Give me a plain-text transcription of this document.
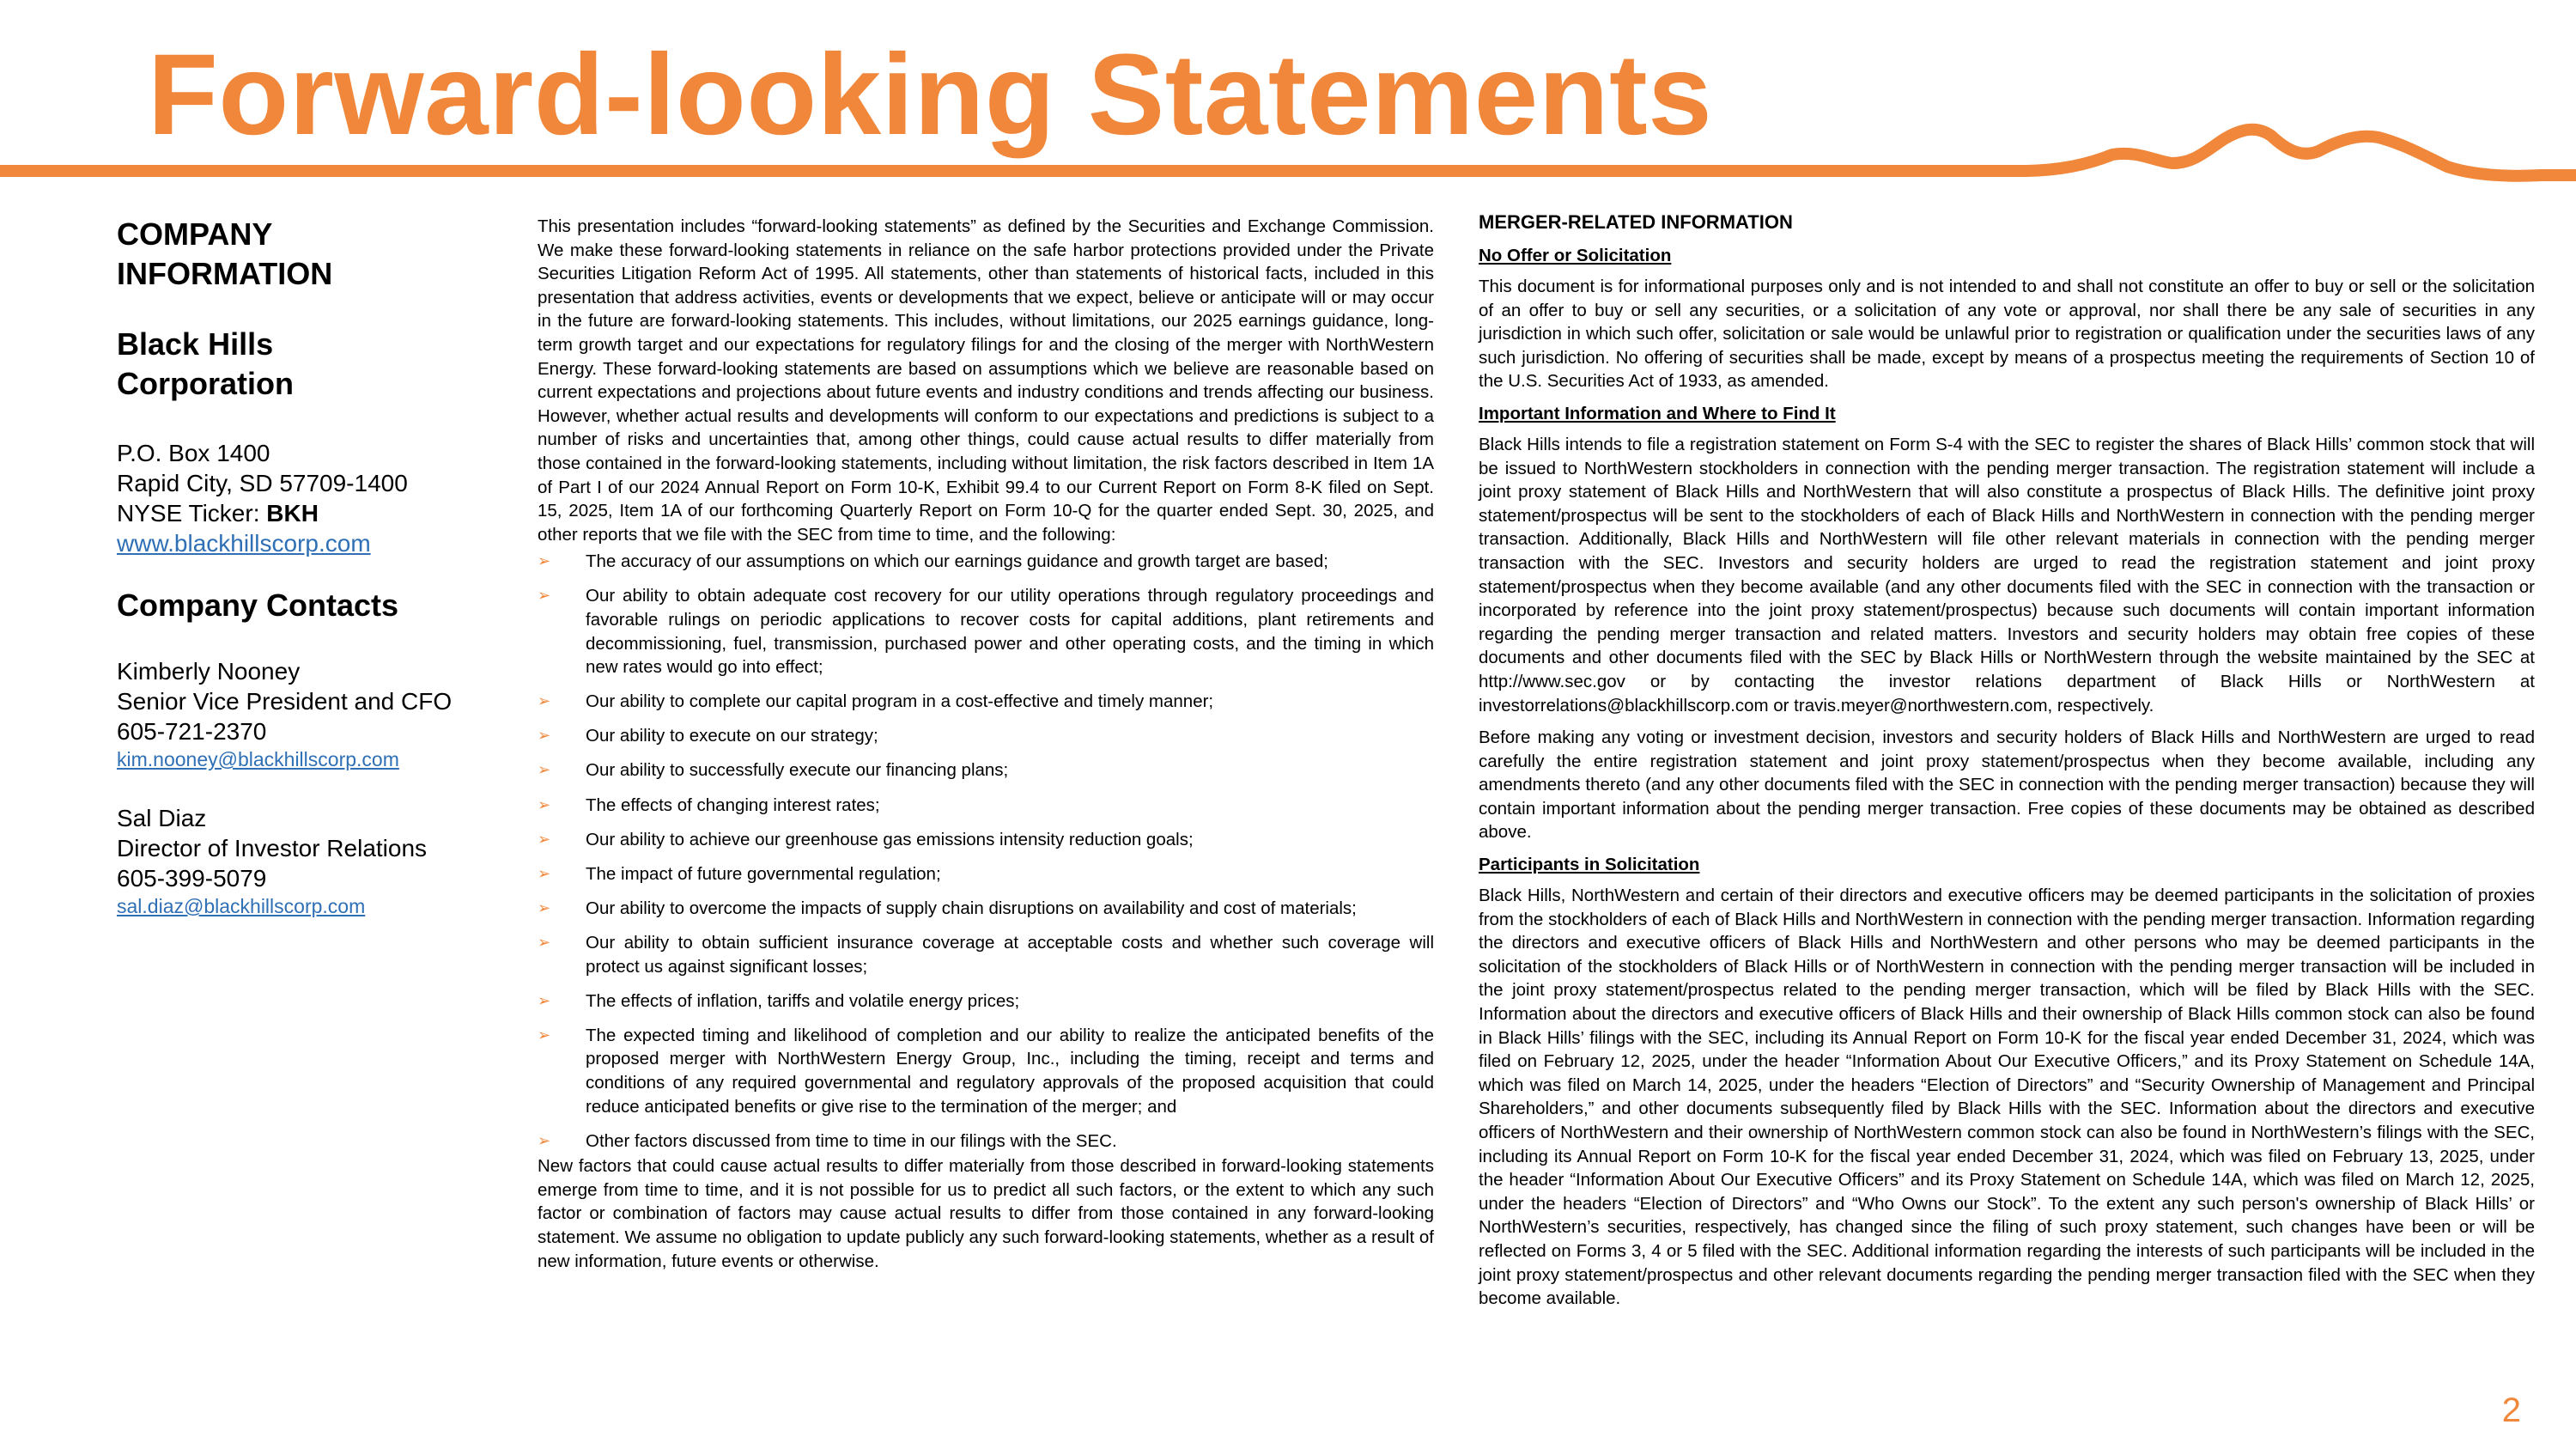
Forward-looking Statements
COMPANY
INFORMATION
Black Hills
Corporation
P.O. Box 1400
Rapid City, SD 57709-1400
NYSE Ticker: BKH
www.blackhillscorp.com
Company Contacts
Kimberly Nooney
Senior Vice President and CFO
605-721-2370
kim.nooney@blackhillscorp.com
Sal Diaz
Director of Investor Relations
605-399-5079
sal.diaz@blackhillscorp.com

This presentation includes “forward-looking statements” as defined by the Securities and Exchange Commission. We make these forward-looking statements in reliance on the safe harbor protections provided under the Private Securities Litigation Reform Act of 1995. All statements, other than statements of historical facts, included in this presentation that address activities, events or developments that we expect, believe or anticipate will or may occur in the future are forward-looking statements. This includes, without limitations, our 2025 earnings guidance, long-term growth target and our expectations for regulatory filings for and the closing of the merger with NorthWestern Energy. These forward-looking statements are based on assumptions which we believe are reasonable based on current expectations and projections about future events and industry conditions and trends affecting our business. However, whether actual results and developments will conform to our expectations and predictions is subject to a number of risks and uncertainties that, among other things, could cause actual results to differ materially from those contained in the forward-looking statements, including without limitation, the risk factors described in Item 1A of Part I of our 2024 Annual Report on Form 10-K, Exhibit 99.4 to our Current Report on Form 8-K filed on Sept. 15, 2025, Item 1A of our forthcoming Quarterly Report on Form 10-Q for the quarter ended Sept. 30, 2025, and other reports that we file with the SEC from time to time, and the following:

➢ The accuracy of our assumptions on which our earnings guidance and growth target are based;
➢ Our ability to obtain adequate cost recovery for our utility operations through regulatory proceedings and favorable rulings on periodic applications to recover costs for capital additions, plant retirements and decommissioning, fuel, transmission, purchased power and other operating costs, and the timing in which new rates would go into effect;
➢ Our ability to complete our capital program in a cost-effective and timely manner;
➢ Our ability to execute on our strategy;
➢ Our ability to successfully execute our financing plans;
➢ The effects of changing interest rates;
➢ Our ability to achieve our greenhouse gas emissions intensity reduction goals;
➢ The impact of future governmental regulation;
➢ Our ability to overcome the impacts of supply chain disruptions on availability and cost of materials;
➢ Our ability to obtain sufficient insurance coverage at acceptable costs and whether such coverage will protect us against significant losses;
➢ The effects of inflation, tariffs and volatile energy prices;
➢ The expected timing and likelihood of completion and our ability to realize the anticipated benefits of the proposed merger with NorthWestern Energy Group, Inc., including the timing, receipt and terms and conditions of any required governmental and regulatory approvals of the proposed acquisition that could reduce anticipated benefits or give rise to the termination of the merger; and
➢ Other factors discussed from time to time in our filings with the SEC.

New factors that could cause actual results to differ materially from those described in forward-looking statements emerge from time to time, and it is not possible for us to predict all such factors, or the extent to which any such factor or combination of factors may cause actual results to differ from those contained in any forward-looking statement. We assume no obligation to update publicly any such forward-looking statements, whether as a result of new information, future events or otherwise.

MERGER-RELATED INFORMATION
No Offer or Solicitation

This document is for informational purposes only and is not intended to and shall not constitute an offer to buy or sell or the solicitation of an offer to buy or sell any securities, or a solicitation of any vote or approval, nor shall there be any sale of securities in any jurisdiction in which such offer, solicitation or sale would be unlawful prior to registration or qualification under the securities laws of any such jurisdiction. No offering of securities shall be made, except by means of a prospectus meeting the requirements of Section 10 of the U.S. Securities Act of 1933, as amended.

Important Information and Where to Find It

Black Hills intends to file a registration statement on Form S-4 with the SEC to register the shares of Black Hills’ common stock that will be issued to NorthWestern stockholders in connection with the pending merger transaction. The registration statement will include a joint proxy statement of Black Hills and NorthWestern that will also constitute a prospectus of Black Hills. The definitive joint proxy statement/prospectus will be sent to the stockholders of each of Black Hills and NorthWestern in connection with the pending merger transaction. Additionally, Black Hills and NorthWestern will file other relevant materials in connection with the pending merger transaction with the SEC. Investors and security holders are urged to read the registration statement and joint proxy statement/prospectus when they become available (and any other documents filed with the SEC in connection with the transaction or incorporated by reference into the joint proxy statement/prospectus) because such documents will contain important information regarding the pending merger transaction and related matters. Investors and security holders may obtain free copies of these documents and other documents filed with the SEC by Black Hills or NorthWestern through the website maintained by the SEC at http://www.sec.gov or by contacting the investor relations department of Black Hills or NorthWestern at investorrelations@blackhillscorp.com or travis.meyer@northwestern.com, respectively.

Before making any voting or investment decision, investors and security holders of Black Hills and NorthWestern are urged to read carefully the entire registration statement and joint proxy statement/prospectus when they become available, including any amendments thereto (and any other documents filed with the SEC in connection with the pending merger transaction) because they will contain important information about the pending merger transaction. Free copies of these documents may be obtained as described above.

Participants in Solicitation

Black Hills, NorthWestern and certain of their directors and executive officers may be deemed participants in the solicitation of proxies from the stockholders of each of Black Hills and NorthWestern in connection with the pending merger transaction. Information regarding the directors and executive officers of Black Hills and NorthWestern and other persons who may be deemed participants in the solicitation of the stockholders of Black Hills or of NorthWestern in connection with the pending merger transaction will be included in the joint proxy statement/prospectus related to the pending merger transaction, which will be filed by Black Hills with the SEC. Information about the directors and executive officers of Black Hills and their ownership of Black Hills common stock can also be found in Black Hills’ filings with the SEC, including its Annual Report on Form 10-K for the fiscal year ended December 31, 2024, which was filed on February 12, 2025, under the header “Information About Our Executive Officers,” and its Proxy Statement on Schedule 14A, which was filed on March 14, 2025, under the headers “Election of Directors” and “Security Ownership of Management and Principal Shareholders,” and other documents subsequently filed by Black Hills with the SEC. Information about the directors and executive officers of NorthWestern and their ownership of NorthWestern common stock can also be found in NorthWestern’s filings with the SEC, including its Annual Report on Form 10-K for the fiscal year ended December 31, 2024, which was filed on February 13, 2025, under the header “Information About Our Executive Officers” and its Proxy Statement on Schedule 14A, which was filed on March 12, 2025, under the headers “Election of Directors” and “Who Owns our Stock”. To the extent any such person's ownership of Black Hills’ or NorthWestern’s securities, respectively, has changed since the filing of such proxy statement, such changes have been or will be reflected on Forms 3, 4 or 5 filed with the SEC. Additional information regarding the interests of such participants will be included in the joint proxy statement/prospectus and other relevant documents regarding the pending merger transaction filed with the SEC when they become available.

2
